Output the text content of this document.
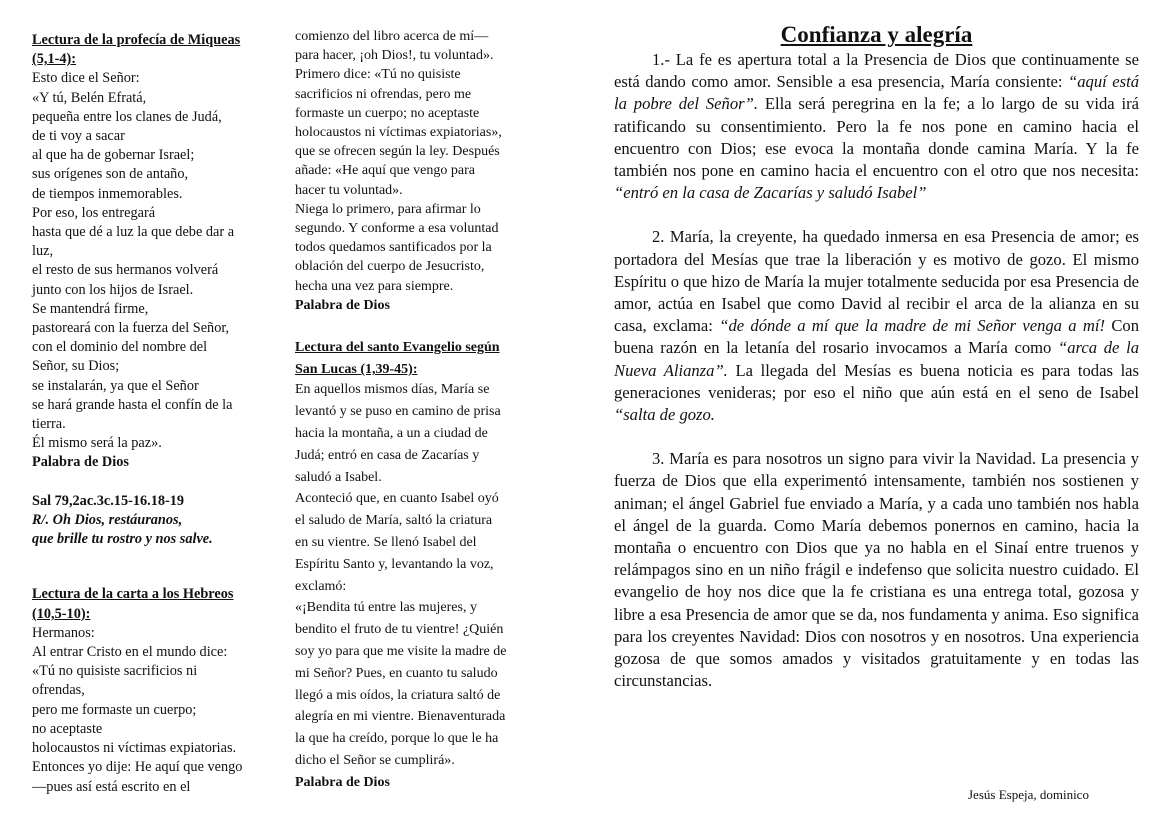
Lectura de la profecía de Miqueas
(5,1-4):
Esto dice el Señor:
«Y tú, Belén Efratá,
pequeña entre los clanes de Judá,
de ti voy a sacar
al que ha de gobernar Israel;
sus orígenes son de antaño,
de tiempos inmemorables.
Por eso, los entregará
hasta que dé a luz la que debe dar a
luz,
el resto de sus hermanos volverá
junto con los hijos de Israel.
Se mantendrá firme,
pastoreará con la fuerza del Señor,
con el dominio del nombre del
Señor, su Dios;
se instalarán, ya que el Señor
se hará grande hasta el confín de la
tierra.
Él mismo será la paz».
Palabra de Dios
Sal 79,2ac.3c.15-16.18-19
R/. Oh Dios, restáuranos,
que brille tu rostro y nos salve.
Lectura de la carta a los Hebreos
(10,5-10):
Hermanos:
Al entrar Cristo en el mundo dice:
«Tú no quisiste sacrificios ni
ofrendas,
pero me formaste un cuerpo;
no aceptaste
holocaustos ni víctimas expiatorias.
Entonces yo dije: He aquí que vengo
—pues así está escrito en el
comienzo del libro acerca de mí—
para hacer, ¡oh Dios!, tu voluntad».
Primero dice: «Tú no quisiste
sacrificios ni ofrendas, pero me
formaste un cuerpo; no aceptaste
holocaustos ni víctimas expiatorias»,
que se ofrecen según la ley. Después
añade: «He aquí que vengo para
hacer tu voluntad».
Niega lo primero, para afirmar lo
segundo. Y conforme a esa voluntad
todos quedamos santificados por la
oblación del cuerpo de Jesucristo,
hecha una vez para siempre.
Palabra de Dios
Lectura del santo Evangelio según
San Lucas (1,39-45):
En aquellos mismos días, María se
levantó y se puso en camino de prisa
hacia la montaña, a un a ciudad de
Judá; entró en casa de Zacarías y
saludó a Isabel.
Aconteció que, en cuanto Isabel oyó
el saludo de María, saltó la criatura
en su vientre. Se llenó Isabel del
Espíritu Santo y, levantando la voz,
exclamó:
«¡Bendita tú entre las mujeres, y
bendito el fruto de tu vientre! ¿Quién
soy yo para que me visite la madre de
mi Señor? Pues, en cuanto tu saludo
llegó a mis oídos, la criatura saltó de
alegría en mi vientre. Bienaventurada
la que ha creído, porque lo que le ha
dicho el Señor se cumplirá».
Palabra de Dios
Confianza y alegría

1.- La fe es apertura total a la Presencia de Dios que continuamente se está dando como amor. Sensible a esa presencia, María consiente: “aquí está la pobre del Señor”. Ella será peregrina en la fe; a lo largo de su vida irá ratificando su consentimiento. Pero la fe nos pone en camino hacia el encuentro con Dios; ese evoca la montaña donde camina María. Y la fe también nos pone en camino hacia el encuentro con el otro que nos necesita: “entró en la casa de Zacarías y saludó Isabel”

2. María, la creyente, ha quedado inmersa en esa Presencia de amor; es portadora del Mesías que trae la liberación y es motivo de gozo. El mismo Espíritu o que hizo de María la mujer totalmente seducida por esa Presencia de amor, actúa en Isabel que como David al recibir el arca de la alianza en su casa, exclama: “de dónde a mí que la madre de mi Señor venga a mí! Con buena razón en la letanía del rosario invocamos a María como “arca de la Nueva Alianza”. La llegada del Mesías es buena noticia es para todas las generaciones venideras; por eso el niño que aún está en el seno de Isabel “salta de gozo.

3. María es para nosotros un signo para vivir la Navidad. La presencia y fuerza de Dios que ella experimentó intensamente, también nos sostienen y animan; el ángel Gabriel fue enviado a María, y a cada uno también nos habla el ángel de la guarda. Como María debemos ponernos en camino, hacia la montaña o encuentro con Dios que ya no habla en el Sinaí entre truenos y relámpagos sino en un niño frágil e indefenso que solicita nuestro cuidado. El evangelio de hoy nos dice que la fe cristiana es una entrega total, gozosa y libre a esa Presencia de amor que se da, nos fundamenta y anima. Eso significa para los creyentes Navidad: Dios con nosotros y en nosotros. Una experiencia gozosa de que somos amados y visitados gratuitamente y en todas las circunstancias.

Jesús Espeja, dominico
